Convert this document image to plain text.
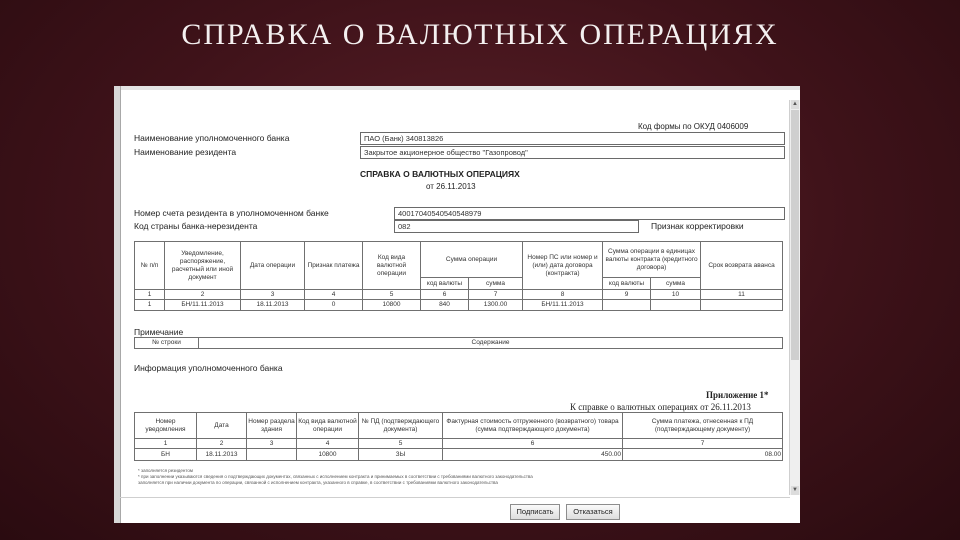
СПРАВКА О ВАЛЮТНЫХ ОПЕРАЦИЯХ
Код формы по ОКУД 0406009
Наименование уполномоченного банка	ПАО (Банк) 340813826
Наименование резидента	Закрытое акционерное общество "Газопровод"
СПРАВКА О ВАЛЮТНЫХ ОПЕРАЦИЯХ
от 26.11.2013
Номер счета резидента в уполномоченном банке	40017040540540548979
Код страны банка-нерезидента	082	Признак корректировки
№ п/п	Уведомление, распоряжение, расчетный или иной документ	Дата операции	Признак платежа	Код вида валютной операции	Сумма операции		Номер ПС или номер и (или) дата договора (контракта)	Сумма операции в единицах валюты контракта (кредитного договора)		Срок возврата аванса
					код валюты	сумма		код валюты	сумма	
1	2	3	4	5	6	7	8	9	10	11
1	БН/11.11.2013	18.11.2013	0	10800	840	1300.00	БН/11.11.2013			
Примечание
№ строки	Содержание
Информация уполномоченного банка
Приложение 1*
К справке о валютных операциях от 26.11.2013
Номер уведомления	Дата	Номер раздела здания	Код вида валютной операции	№ ПД (подтверждающего документа)	Фактурная стоимость отгруженного (возвратного) товара (сумма подтверждающего документа)	Сумма платежа, отнесенная к ПД (подтверждающему документу)
1	2	3	4	5	6	7
БН	18.11.2013		10800	ЗЫ	450.00	08.00
* заполняется резидентом
* при заполнении указываются сведения о подтверждающих документах, связанных с исполнением контракта и принимаемых в соответствии с требованиями валютного законодательства
заполняется при наличии документа по операции, связанной с исполнением контракта, указанного в справке, в соответствии с требованиями валютного законодательства
Подписать	Отказаться
▲
▼
